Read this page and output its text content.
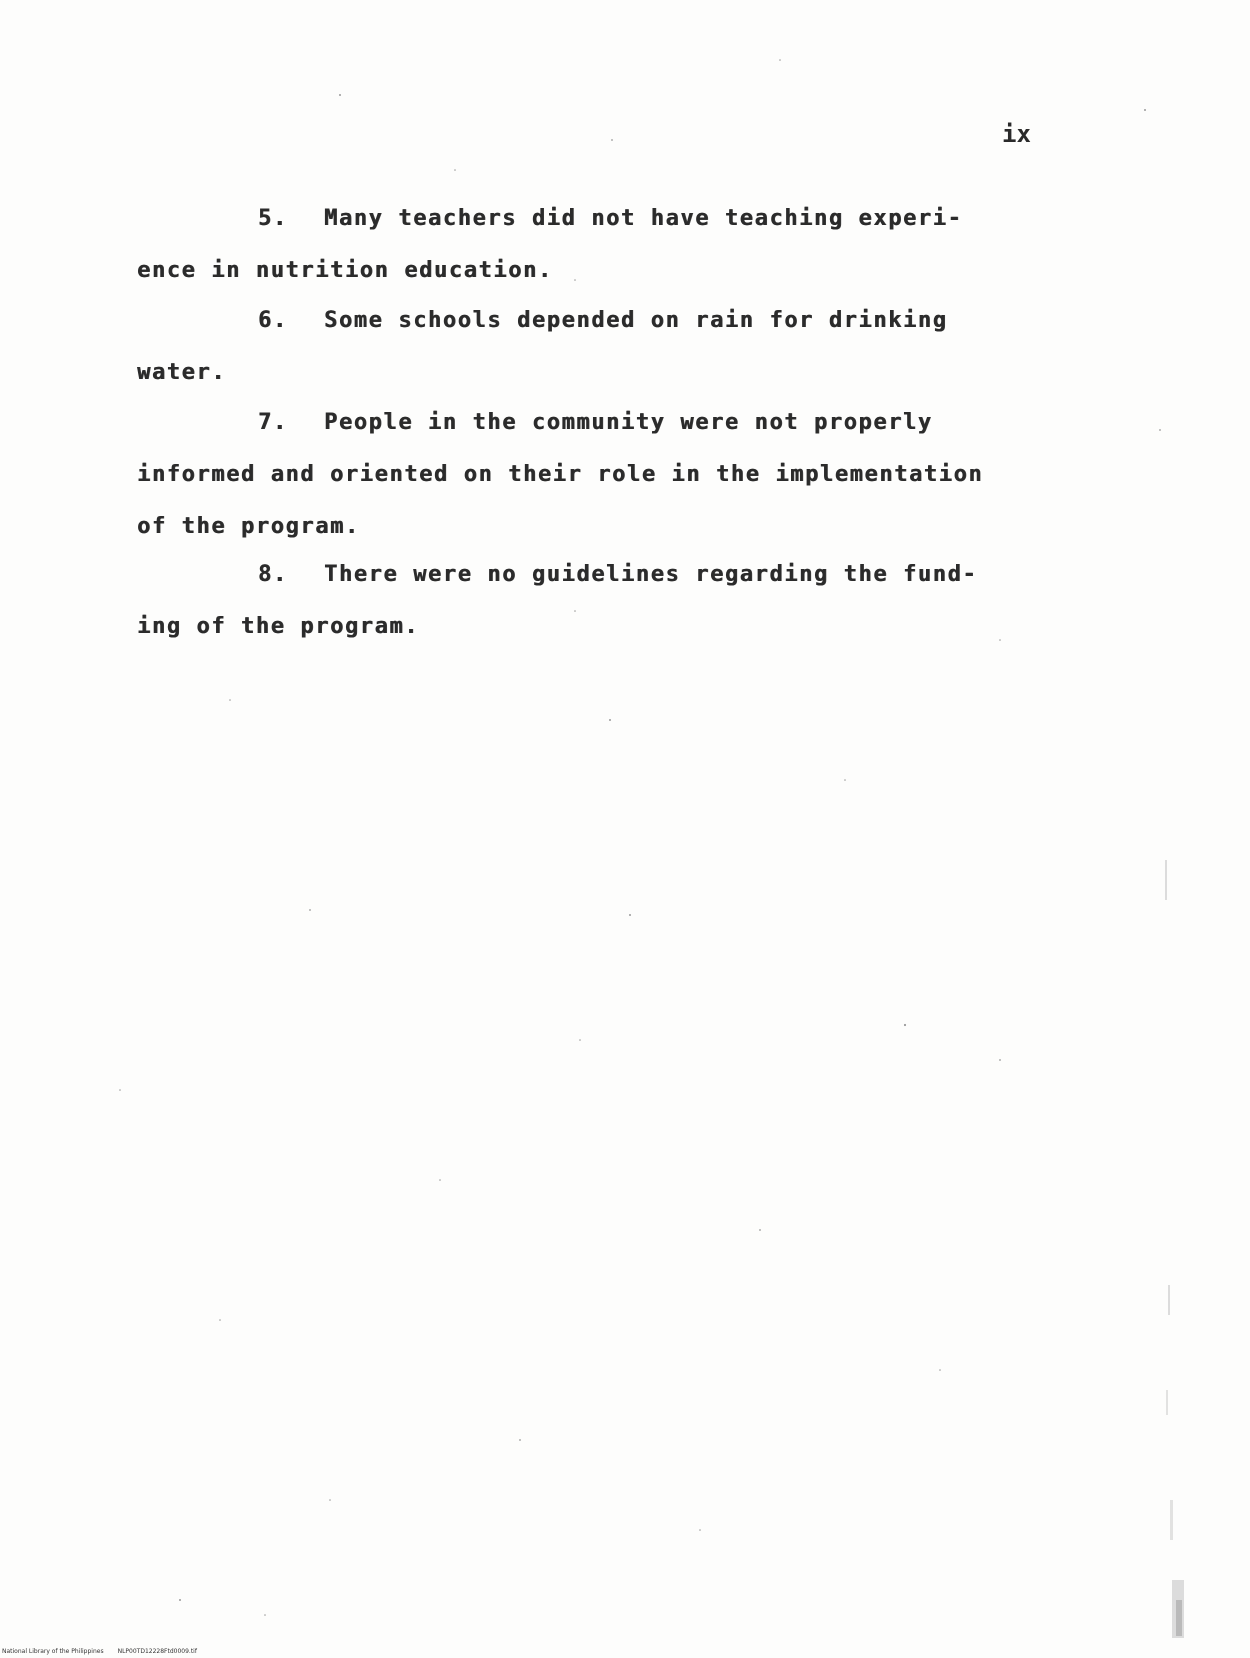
ix
5. Many teachers did not have teaching experi-
ence in nutrition education.
6. Some schools depended on rain for drinking
water.
7. People in the community were not properly
informed and oriented on their role in the implementation
of the program.
8. There were no guidelines regarding the fund-
ing of the program.
National Library of the Philippines NLP00TD12228Ftd0009.tif
